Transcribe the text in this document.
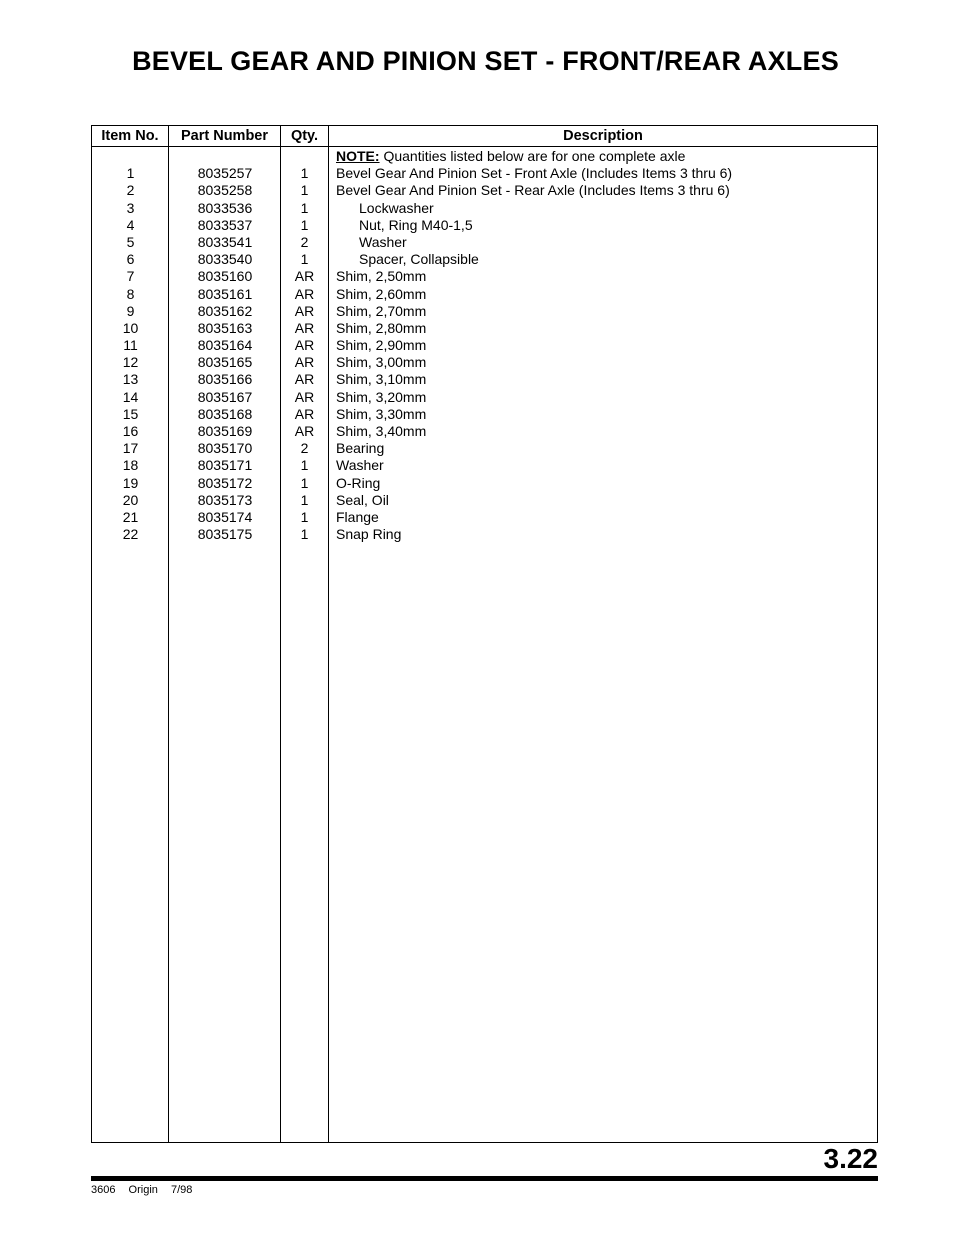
BEVEL GEAR AND PINION SET - FRONT/REAR AXLES
Item No.	Part Number	Qty.	Description
NOTE: Quantities listed below are for one complete axle
1	8035257	1	Bevel Gear And Pinion Set - Front Axle (Includes Items 3 thru 6)
2	8035258	1	Bevel Gear And Pinion Set - Rear Axle (Includes Items 3 thru 6)
3	8033536	1	Lockwasher
4	8033537	1	Nut, Ring M40-1,5
5	8033541	2	Washer
6	8033540	1	Spacer, Collapsible
7	8035160	AR	Shim, 2,50mm
8	8035161	AR	Shim, 2,60mm
9	8035162	AR	Shim, 2,70mm
10	8035163	AR	Shim, 2,80mm
11	8035164	AR	Shim, 2,90mm
12	8035165	AR	Shim, 3,00mm
13	8035166	AR	Shim, 3,10mm
14	8035167	AR	Shim, 3,20mm
15	8035168	AR	Shim, 3,30mm
16	8035169	AR	Shim, 3,40mm
17	8035170	2	Bearing
18	8035171	1	Washer
19	8035172	1	O-Ring
20	8035173	1	Seal, Oil
21	8035174	1	Flange
22	8035175	1	Snap Ring
3.22
3606 Origin 7/98
